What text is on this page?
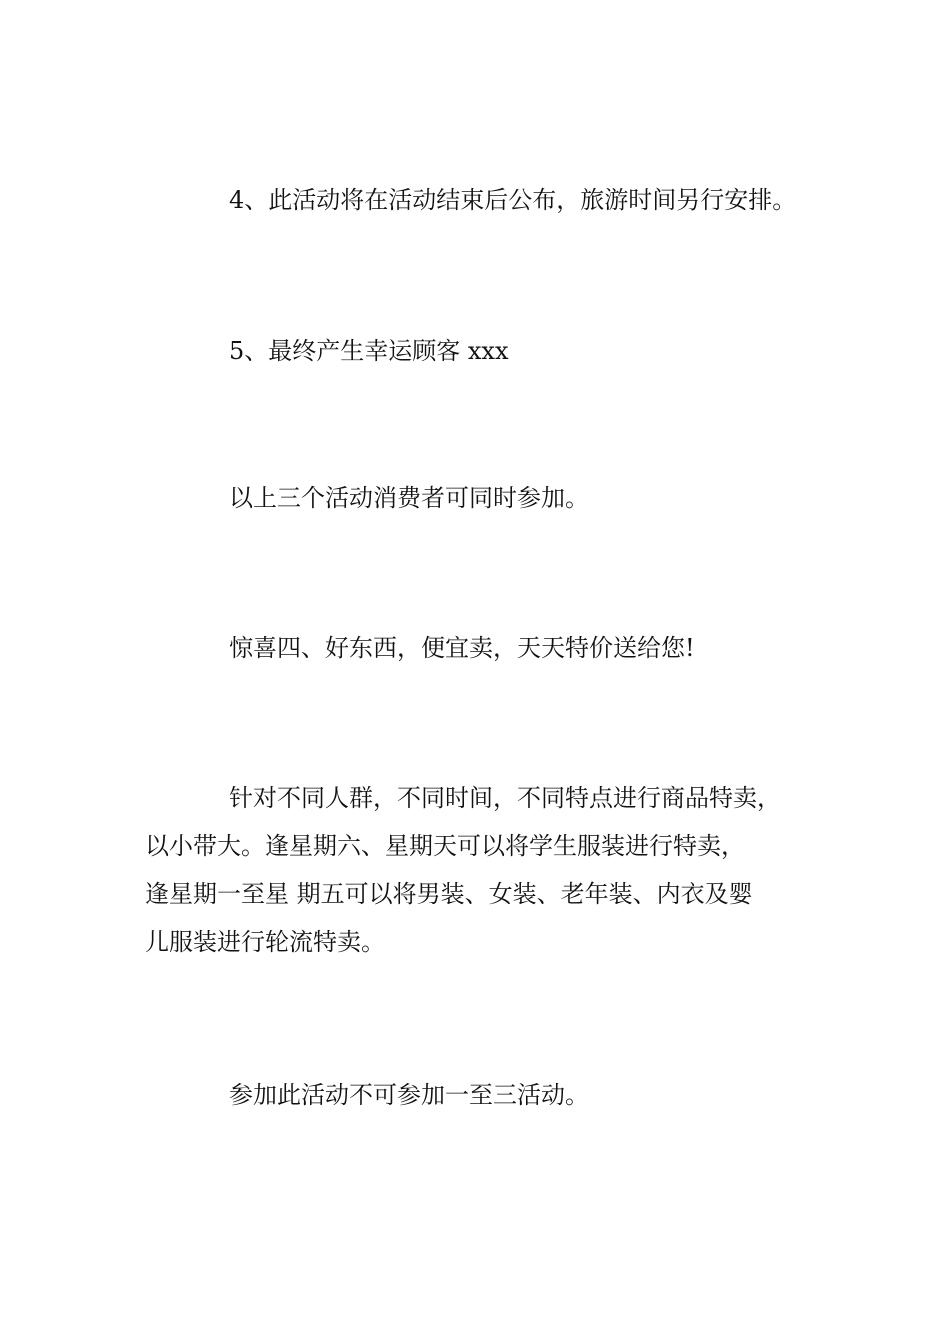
4、此活动将在活动结束后公布，旅游时间另行安排。

5、最终产生幸运顾客 xxx

以上三个活动消费者可同时参加。

惊喜四、好东西，便宜卖，天天特价送给您!

针对不同人群，不同时间，不同特点进行商品特卖，
以小带大。逢星期六、星期天可以将学生服装进行特卖，
逢星期一至星 期五可以将男装、女装、老年装、内衣及婴
儿服装进行轮流特卖。

参加此活动不可参加一至三活动。
